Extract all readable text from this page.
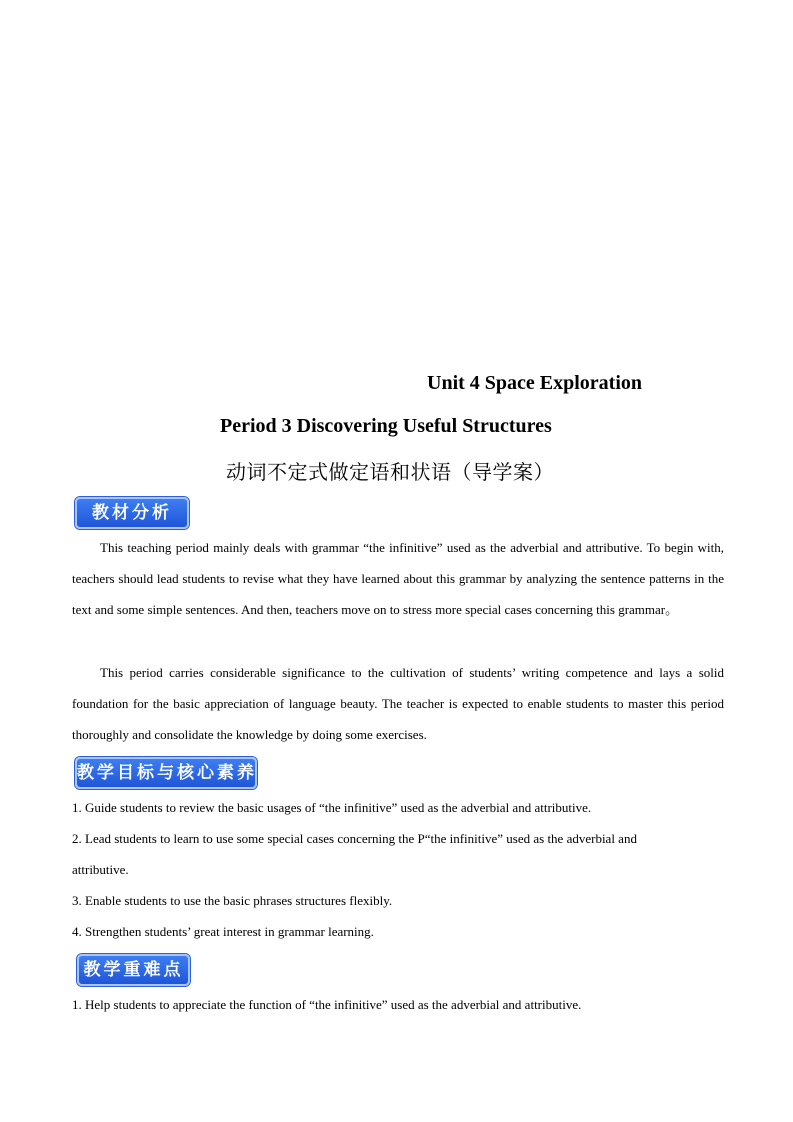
Unit 4 Space Exploration
Period 3 Discovering Useful Structures
动词不定式做定语和状语（导学案）
教材分析
This teaching period mainly deals with grammar “the infinitive” used as the adverbial and attributive. To begin with, teachers should lead students to revise what they have learned about this grammar by analyzing the sentence patterns in the text and some simple sentences. And then, teachers move on to stress more special cases concerning this grammar。
This period carries considerable significance to the cultivation of students’ writing competence and lays a solid foundation for the basic appreciation of language beauty. The teacher is expected to enable students to master this period thoroughly and consolidate the knowledge by doing some exercises.
教学目标与核心素养
1. Guide students to review the basic usages of “the infinitive” used as the adverbial and attributive.
2. Lead students to learn to use some special cases concerning the P“the infinitive” used as the adverbial and
attributive.
3. Enable students to use the basic phrases structures flexibly.
4. Strengthen students’ great interest in grammar learning.
教学重难点
1. Help students to appreciate the function of “the infinitive” used as the adverbial and attributive.
